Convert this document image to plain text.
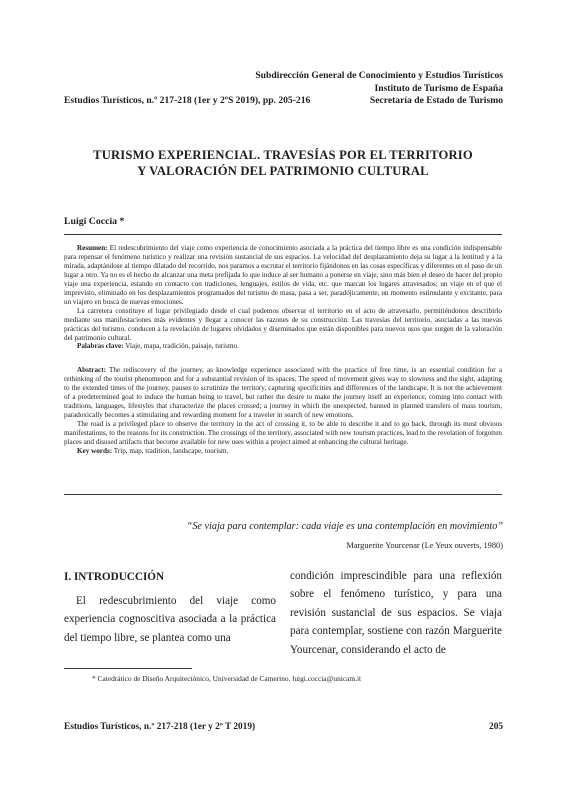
Subdirección General de Conocimiento y Estudios Turísticos
Instituto de Turismo de España
Secretaría de Estado de Turismo
Estudios Turísticos, n.º 217-218 (1er y 2ºS 2019), pp. 205-216
TURISMO EXPERIENCIAL. TRAVESÍAS POR EL TERRITORIO
Y VALORACIÓN DEL PATRIMONIO CULTURAL
Luigi Coccia *

Resumen: El redescubrimiento del viaje como experiencia de conocimiento asociada a la práctica del tiempo libre es una condición indispensable para repensar el fenómeno turístico y realizar una revisión sustancial de sus espacios. La velocidad del desplazamiento deja su lugar a la lentitud y a la mirada, adaptándose al tiempo dilatado del recorrido, nos paramos a escrutar el territorio fijándonos en las cosas específicas y diferentes en el paso de un lugar a otro. Ya no es el hecho de alcanzar una meta prefijada lo que induce al ser humano a ponerse en viaje, sino más bien el deseo de hacer del propio viaje una experiencia, estando en contacto con tradiciones, lenguajes, estilos de vida, etc. que marcan los lugares atravesados; un viaje en el que el imprevisto, eliminado en los desplazamientos programados del turismo de masa, pasa a ser, paradójicamente, un momento estimulante y excitante, para un viajero en busca de nuevas emociones.

La carretera constituye el lugar privilegiado desde el cual podemos observar el territorio en el acto de atravesarlo, permitiéndonos describirlo mediante sus manifestaciones más evidentes y llegar a conocer las razones de su construcción. Las travesías del territorio, asociadas a las nuevas prácticas del turismo, conducen a la revelación de lugares olvidados y diseminados que están disponibles para nuevos usos que surgen de la valoración del patrimonio cultural.

Palabras clave: Viaje, mapa, tradición, paisaje, turismo.

Abstract: The rediscovery of the journey, as knowledge experience associated with the practice of free time, is an essential condition for a rethinking of the tourist phenomenon and for a substantial revision of its spaces. The speed of movement gives way to slowness and the sight, adapting to the extended times of the journey, pauses to scrutinize the territory, capturing specificities and differences of the landscape. It is not the achievement of a predetermined goal to induce the human being to travel, but rather the desire to make the journey itself an experience, coming into contact with traditions, languages, lifestyles that characterize the places crossed; a journey in which the unexpected, banned in planned transfers of mass tourism, paradoxically becomes a stimulating and rewarding moment for a traveler in search of new emotions.

The road is a privileged place to observe the territory in the act of crossing it, to be able to describe it and to go back, through its most obvious manifestations, to the reasons for its construction. The crossings of the territory, associated with new tourism practices, lead to the revelation of forgotten places and disused artifacts that become available for new uses within a project aimed at enhancing the cultural heritage.

Key words: Trip, map, tradition, landscape, tourism.

“Se viaja para contemplar: cada viaje es una contemplación en movimiento”
Marguerite Yourcenar (Le Yeux ouverts, 1980)
I. INTRODUCCIÓN
El redescubrimiento del viaje como experiencia cognoscitiva asociada a la práctica del tiempo libre, se plantea como una
condición imprescindible para una reflexión sobre el fenómeno turístico, y para una revisión sustancial de sus espacios. Se viaja para contemplar, sostiene con razón Marguerite Yourcenar, considerando el acto de
* Catedrático de Diseño Arquitectónico, Universidad de Camerino. luigi.coccia@unicam.it
Estudios Turísticos, n.º 217-218 (1er y 2º T 2019)	205
